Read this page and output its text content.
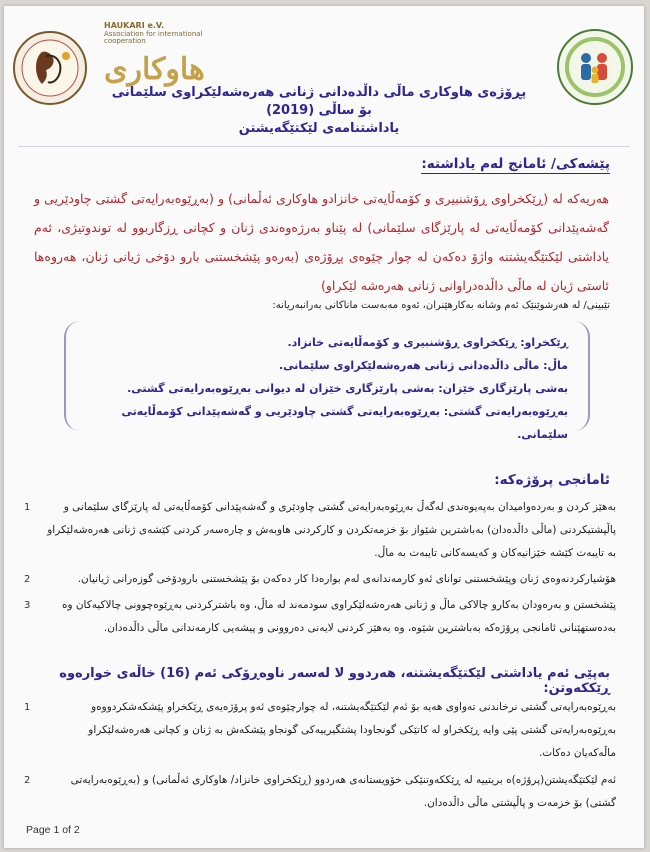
HAUKARI e.V.
Association for international cooperation
هاوکاری
پڕۆژەی هاوکاری ماڵی داڵدەدانی ژنانی هەرەشەلێکراوی سلێمانی بۆ ساڵی (2019)
یاداشتنامەی لێکتێگەیشتن
پێشەکی/ ئامانج لەم یاداشتە:
هەریەکە لە (ڕێکخراوی ڕۆشنبیری و کۆمەڵایەتی خانزادو هاوکاری ئەڵمانی) و (بەڕێوەبەرایەتی گشتی چاودێریی و گەشەپێدانی کۆمەڵایەتی لە پارێزگای سلێمانی) لە پێناو بەرژەوەندی ژنان و کچانی ڕزگاربوو لە توندوتیژی، ئەم یاداشتی لێکتێگەیشتنە واژۆ دەکەن لە چوار چێوەی پڕۆژەی (بەرەو پێشخستنی بارو دۆخی ژیانی ژنان، هەروەها ئاستی ژیان لە ماڵی داڵدەدراوانی ژنانی هەرەشە لێکراو)
تێبینی/ لە هەرشوێنێک ئەم وشانە بەکارهێنران، ئەوە مەبەست ماناکانی بەرانبەریانە:
ڕێکخراو: ڕێکخراوی ڕۆشنبیری و کۆمەڵایەتی خانزاد.
ماڵ: ماڵی داڵدەدانی ژنانی هەرەشەلێکراوی سلێمانی.
بەشی پارێزگاری خێزان: بەشی پارێزگاری خێزان لە دیوانی بەڕێوەبەرایەتی گشتی.
بەڕێوەبەرایەتی گشتی: بەڕێوەبەرایەتی گشتی چاودێریی و گەشەپێدانی کۆمەڵایەتی سلێمانی.
ئامانجی پرۆژەکە:
1	بەهێز کردن و بەردەوامیدان بەپەیوەندی لەگەڵ بەڕێوەبەرایەتی گشتی چاودێری و گەشەپێدانی کۆمەڵایەتی لە پارێزگای سلێمانی و پاڵپشتیکردنی (ماڵی داڵدەدان) بەباشترین شێواز بۆ خزمەتکردن و کارکردنی هاوبەش و چارەسەر کردنی کێشەی ژنانی هەرەشەلێکراو بە تایبەت کێشە خێزانیەکان و کەیسەکانی تایبەت بە ماڵ.
2	هۆشیارکردنەوەی ژنان وپێشخستنی توانای ئەو کارمەندانەی لەم بوارەدا کار دەکەن بۆ پێشخستنی بارودۆخی گوزەرانی ژیانیان.
3	پێشخستن و بەرەودان بەکارو چالاکی ماڵ و ژنانی هەرەشەلێکراوی سودمەند لە ماڵ، وە باشترکردنی بەڕێوەچوونی چالاکیەکان وە بەدەستهێنانی ئامانجی پرۆژەکە بەباشترین شێوە، وە بەهێز کردنی لایەنی دەروونی و پیشەیی کارمەندانی ماڵی داڵدەدان.
بەپێی ئەم یاداشتی لێکتێگەیشتنە، هەردوو لا لەسەر ناوەڕۆکی ئەم (16) خاڵەی خوارەوە ڕێککەوتن:
1	بەڕێوەبەرایەتی گشتی نرخاندنی تەواوی هەیە بۆ ئەم لێکتێگەیشتنە، لە چوارچێوەی ئەو پرۆژەیەی ڕێکخراو پێشکەشکردووەو بەڕێوەبەرایەتی گشتی پێی وایە ڕێکخراو لە کاتێکی گونجاودا پشتگیرییەکی گونجاو پێشکەش بە ژنان و کچانی هەرەشەلێکراو ماڵەکەیان دەکات.
2	ئەم لێکتێگەیشتن(پرۆژە)ە بریتییە لە ڕێککەوتنێکی خۆویستانەی هەردوو (ڕێکخراوی خانزاد/ هاوکاری ئەڵمانی) و (بەڕێوەبەرایەتی گشتی) بۆ خزمەت و پاڵپشتی ماڵی داڵدەدان.
Page 1 of 2
